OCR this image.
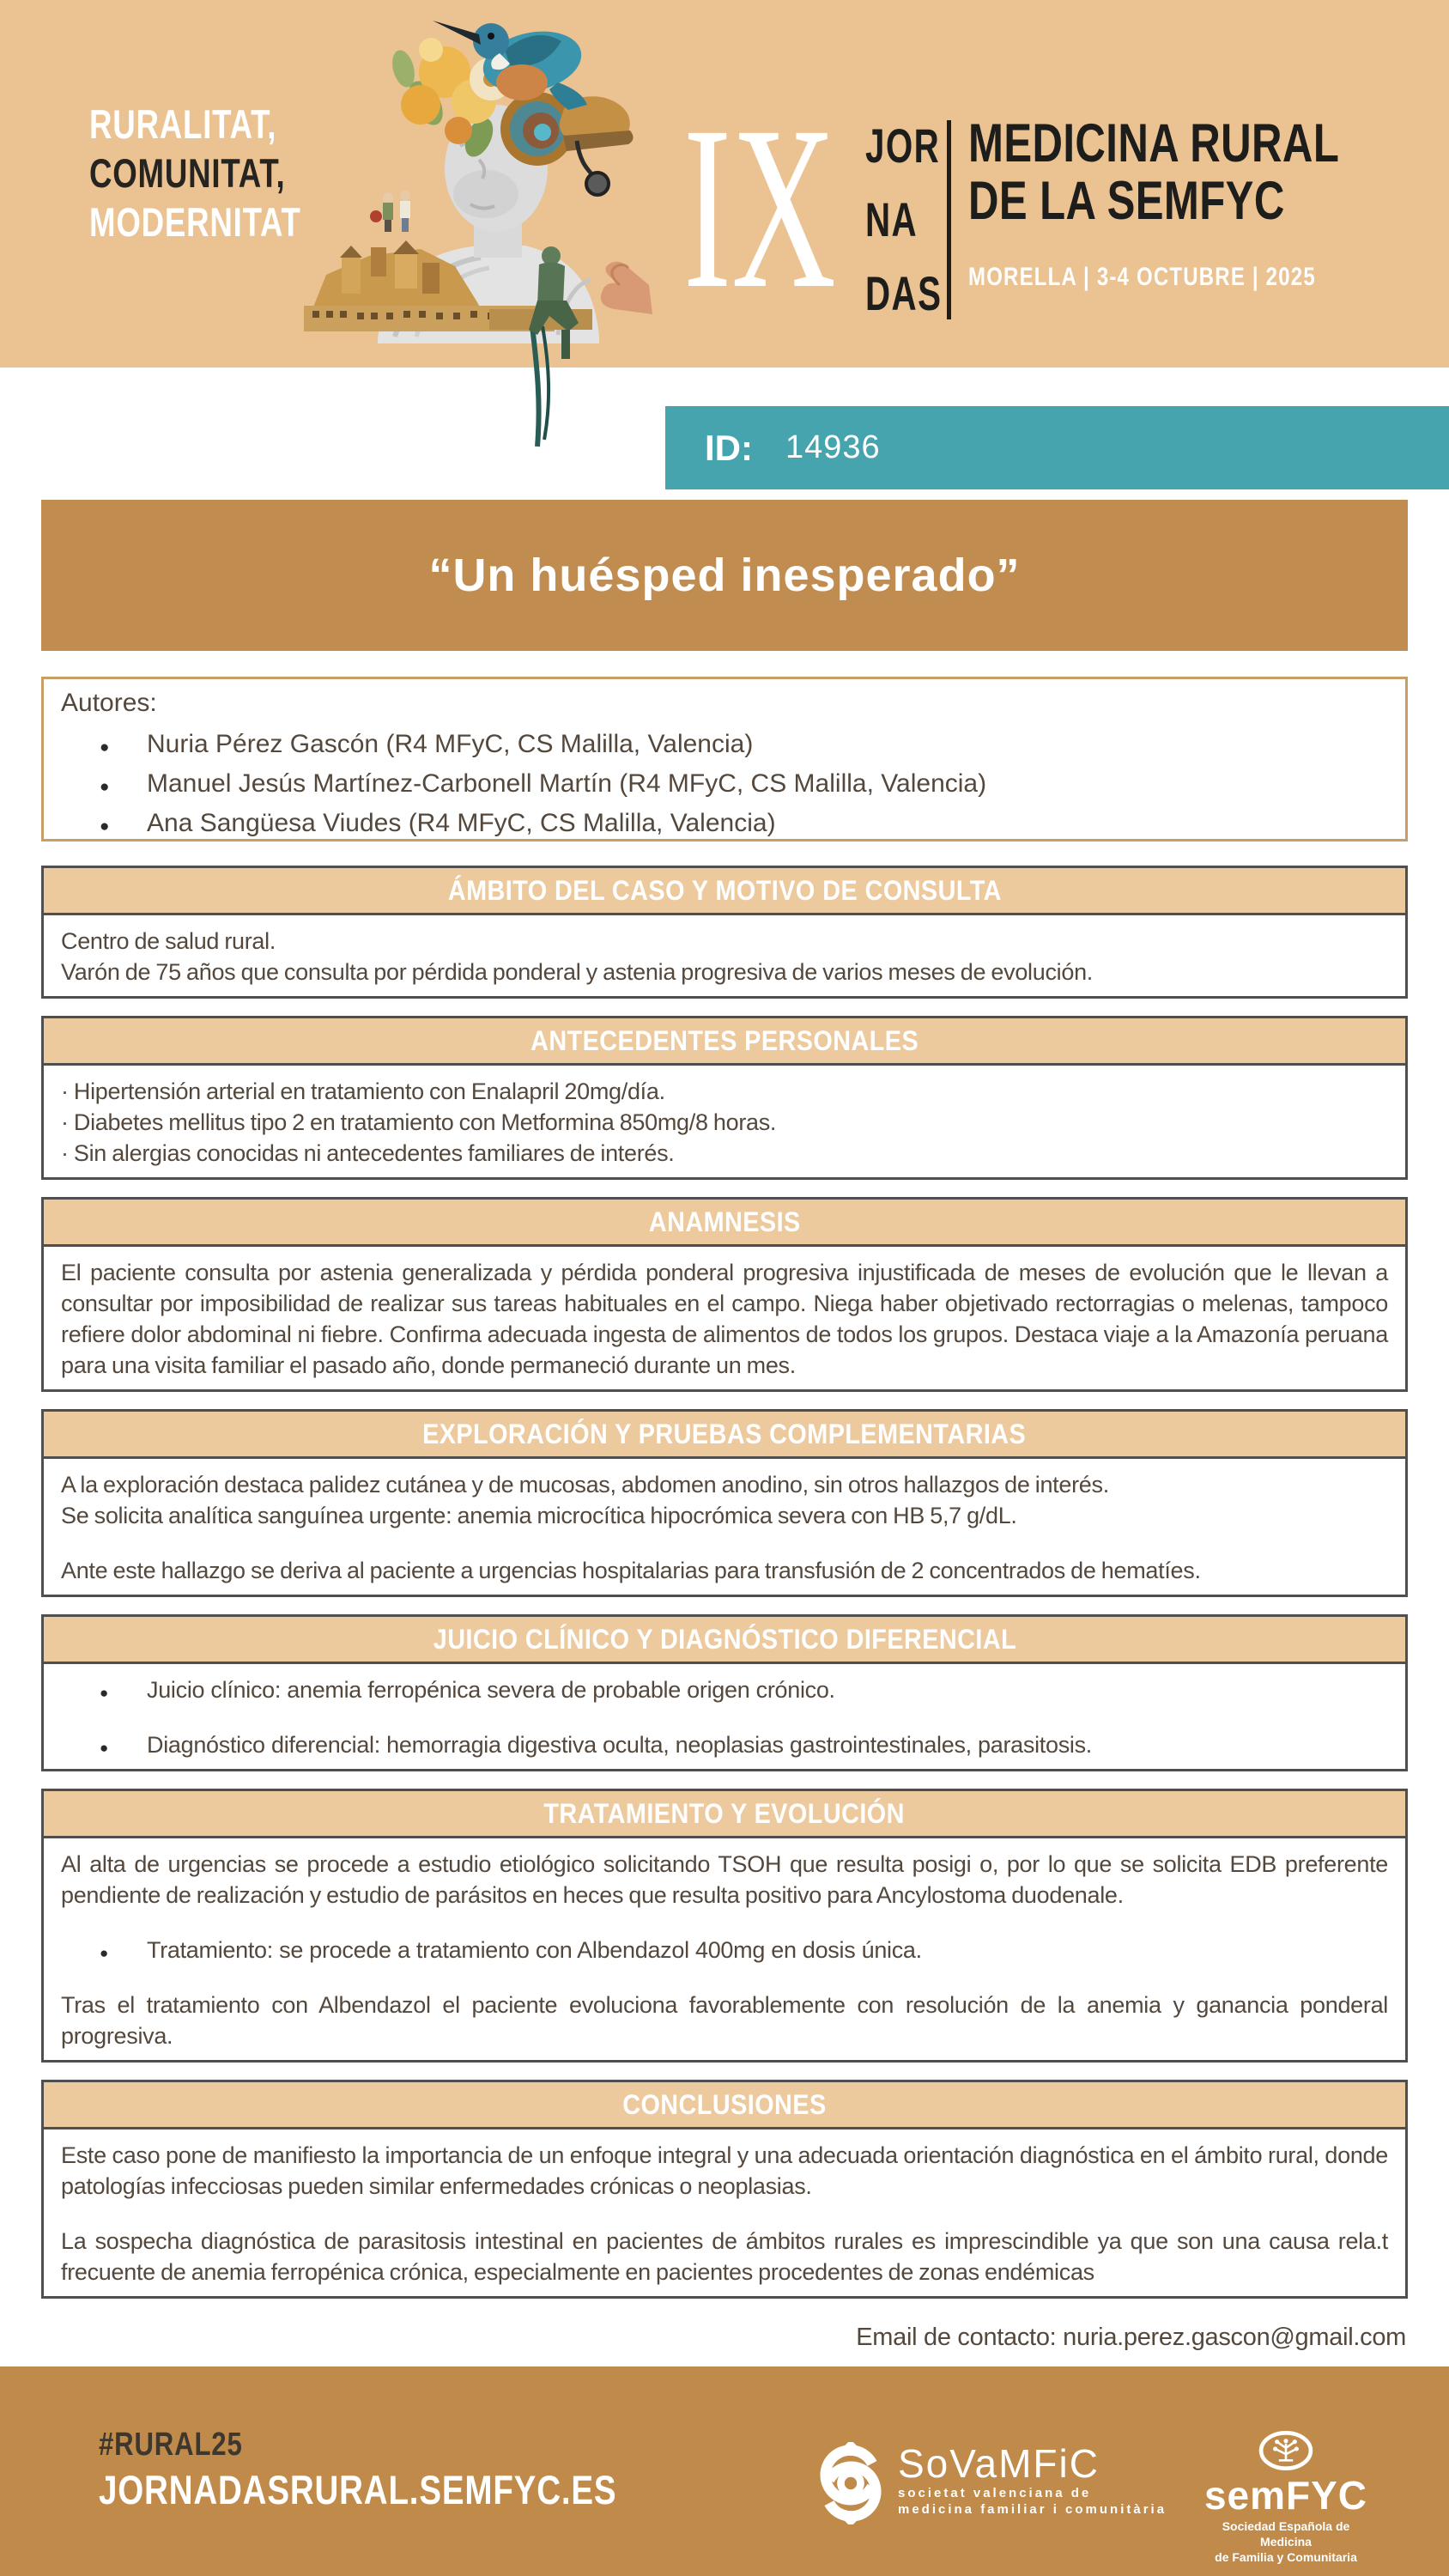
RURALITAT,
COMUNITAT,
MODERNITAT IX JOR
NA
DAS
MEDICINA RURAL
DE LA SEMFYC
MORELLA | 3-4 OCTUBRE | 2025
ID: 14936
“Un huésped inesperado”
Autores:
●	Nuria Pérez Gascón (R4 MFyC, CS Malilla, Valencia)
●	Manuel Jesús Martínez-Carbonell Martín (R4 MFyC, CS Malilla, Valencia)
●	Ana Sangüesa Viudes (R4 MFyC, CS Malilla, Valencia)
ÁMBITO DEL CASO Y MOTIVO DE CONSULTA

Centro de salud rural.

Varón de 75 años que consulta por pérdida ponderal y astenia progresiva de varios meses de evolución.

ANTECEDENTES PERSONALES

· Hipertensión arterial en tratamiento con Enalapril 20mg/día.

· Diabetes mellitus tipo 2 en tratamiento con Metformina 850mg/8 horas.

· Sin alergias conocidas ni antecedentes familiares de interés.

ANAMNESIS

El paciente consulta por astenia generalizada y pérdida ponderal progresiva injustificada de meses de evolución que le llevan a consultar por imposibilidad de realizar sus tareas habituales en el campo. Niega haber objetivado rectorragias o melenas, tampoco refiere dolor abdominal ni fiebre. Confirma adecuada ingesta de alimentos de todos los grupos. Destaca viaje a la Amazonía peruana para una visita familiar el pasado año, donde permaneció durante un mes.

EXPLORACIÓN Y PRUEBAS COMPLEMENTARIAS

A la exploración destaca palidez cutánea y de mucosas, abdomen anodino, sin otros hallazgos de interés.

Se solicita analítica sanguínea urgente: anemia microcítica hipocrómica severa con HB 5,7 g/dL.

Ante este hallazgo se deriva al paciente a urgencias hospitalarias para transfusión de 2 concentrados de hematíes.

JUICIO CLÍNICO Y DIAGNÓSTICO DIFERENCIAL
●	Juicio clínico: anemia ferropénica severa de probable origen crónico.
●	Diagnóstico diferencial: hemorragia digestiva oculta, neoplasias gastrointestinales, parasitosis.
TRATAMIENTO Y EVOLUCIÓN

Al alta de urgencias se procede a estudio etiológico solicitando TSOH que resulta posigi o, por lo que se solicita EDB preferente pendiente de realización y estudio de parásitos en heces que resulta positivo para Ancylostoma duodenale.

●	Tratamiento: se procede a tratamiento con Albendazol 400mg en dosis única.

Tras el tratamiento con Albendazol el paciente evoluciona favorablemente con resolución de la anemia y ganancia ponderal progresiva.

CONCLUSIONES

Este caso pone de manifiesto la importancia de un enfoque integral y una adecuada orientación diagnóstica en el ámbito rural, donde patologías infecciosas pueden similar enfermedades crónicas o neoplasias.

La sospecha diagnóstica de parasitosis intestinal en pacientes de ámbitos rurales es imprescindible ya que son una causa rela.t frecuente de anemia ferropénica crónica, especialmente en pacientes procedentes de zonas endémicas

Email de contacto: nuria.perez.gascon@gmail.com
#RURAL25
JORNADASRURAL.SEMFYC.ES
SoVaMFiC
societat valenciana de
medicina familiar i comunitària semFYC
Sociedad Española de Medicina
de Familia y Comunitaria
